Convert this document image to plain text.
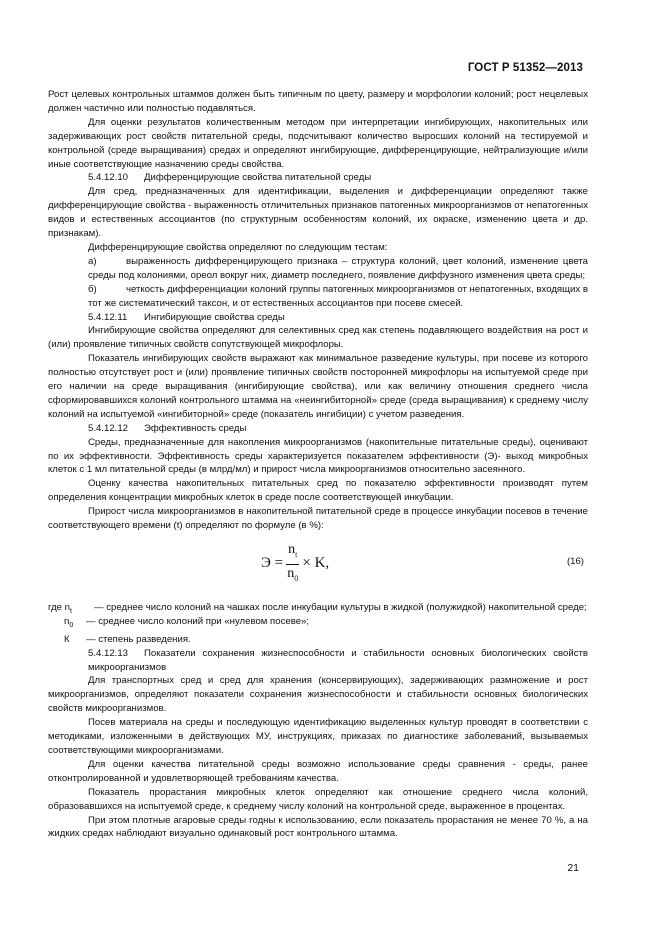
ГОСТ Р 51352—2013

Рост целевых контрольных штаммов должен быть типичным по цвету, размеру и морфологии колоний; рост нецелевых должен частично или полностью подавляться.

Для оценки результатов количественным методом при интерпретации ингибирующих, накопительных или задерживающих рост свойств питательной среды, подсчитывают количество выросших колоний на тестируемой и контрольной (среде выращивания) средах и определяют ингибирующие, дифференцирующие, нейтрализующие и/или иные соответствующие назначению среды свойства.

5.4.12.10 Дифференцирующие свойства питательной среды

Для сред, предназначенных для идентификации, выделения и дифференциации определяют также дифференцирующие свойства - выраженность отличительных признаков патогенных микроорганизмов от непатогенных видов и естественных ассоциантов (по структурным особенностям колоний, их окраске, изменению цвета и др. признакам).

Дифференцирующие свойства определяют по следующим тестам:

а)	выраженность дифференцирующего признака – структура колоний, цвет колоний, изменение цвета среды под колониями, ореол вокруг них, диаметр последнего, появление диффузного изменения цвета среды;

б)	четкость дифференциации колоний группы патогенных микроорганизмов от непатогенных, входящих в тот же систематический таксон, и от естественных ассоциантов при посеве смесей.

5.4.12.11 Ингибирующие свойства среды

Ингибирующие свойства определяют для селективных сред как степень подавляющего воздействия на рост и (или) проявление типичных свойств сопутствующей микрофлоры.

Показатель ингибирующих свойств выражают как минимальное разведение культуры, при посеве из которого полностью отсутствует рост и (или) проявление типичных свойств посторонней микрофлоры на испытуемой среде при его наличии на среде выращивания (ингибирующие свойства), или как величину отношения среднего числа сформировавшихся колоний контрольного штамма на «неингибиторной» среде (среда выращивания) к среднему числу колоний на испытуемой «ингибиторной» среде (показатель ингибиции) с учетом разведения.

5.4.12.12 Эффективность среды

Среды, предназначенные для накопления микроорганизмов (накопительные питательные среды), оценивают по их эффективности. Эффективность среды характеризуется показателем эффективности (Э)- выход микробных клеток с 1 мл питательной среды (в млрд/мл) и прирост числа микроорганизмов относительно засеянного.

Оценку качества накопительных питательных сред по показателю эффективности производят путем определения концентрации микробных клеток в среде после соответствующей инкубации.

Прирост числа микроорганизмов в накопительной питательной среде в процессе инкубации посевов в течение соответствующего времени (t) определяют по формуле (в %):

$Э = \frac{n_t}{n_0} \times K$,	(16)

где $n_t$ — среднее число колоний на чашках после инкубации культуры в жидкой (полужидкой) накопительной среде;

$n_0$ — среднее число колоний при «нулевом посеве»;

К — степень разведения.

5.4.12.13 Показатели сохранения жизнеспособности и стабильности основных биологических свойств микроорганизмов

Для транспортных сред и сред для хранения (консервирующих), задерживающих размножение и рост микроорганизмов, определяют показатели сохранения жизнеспособности и стабильности основных биологических свойств микроорганизмов.

Посев материала на среды и последующую идентификацию выделенных культур проводят в соответствии с методиками, изложенными в действующих МУ, инструкциях, приказах по диагностике заболеваний, вызываемых соответствующими микроорганизмами.

Для оценки качества питательной среды возможно использование среды сравнения - среды, ранее отконтролированной и удовлетворяющей требованиям качества.

Показатель прорастания микробных клеток определяют как отношение среднего числа колоний, образовавшихся на испытуемой среде, к среднему числу колоний на контрольной среде, выраженное в процентах.

При этом плотные агаровые среды годны к использованию, если показатель прорастания не менее 70 %, а на жидких средах наблюдают визуально одинаковый рост контрольного штамма.

21
